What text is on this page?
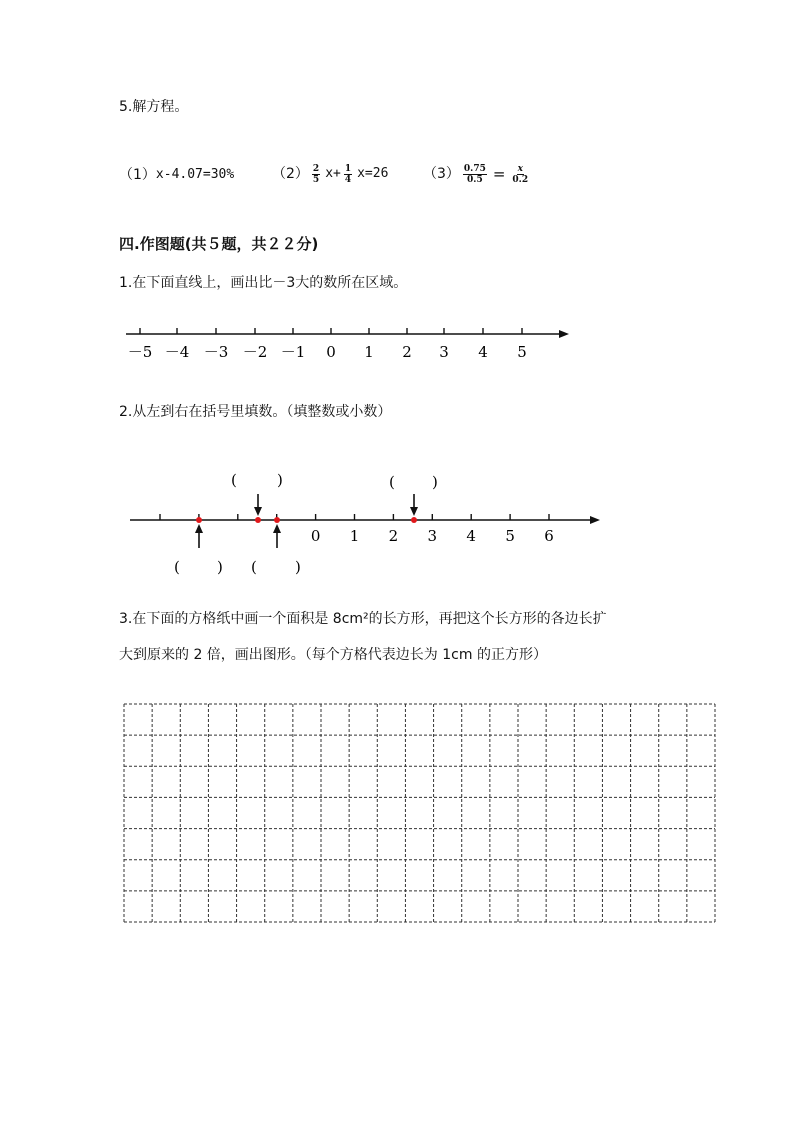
5.解方程。
（1） x-4.07=30%	$(2) \frac{2}{5} x+ \frac{1}{4} x=26$ $(3) \frac{0.75}{0.5} = \frac{x}{0.2}$
四.作图题(共５题，共２２分)
1.在下面直线上，画出比－3大的数所在区域。
－5 －4 －3 －2 －1 0 1 2 3 4 5
2.从左到右在括号里填数。（填整数或小数）
0 1 2 3 4 5 6
(	)	( )
( ) (	)
3.在下面的方格纸中画一个面积是 8cm²的长方形，再把这个长方形的各边长扩
大到原来的 2 倍，画出图形。（每个方格代表边长为 1cm 的正方形）
